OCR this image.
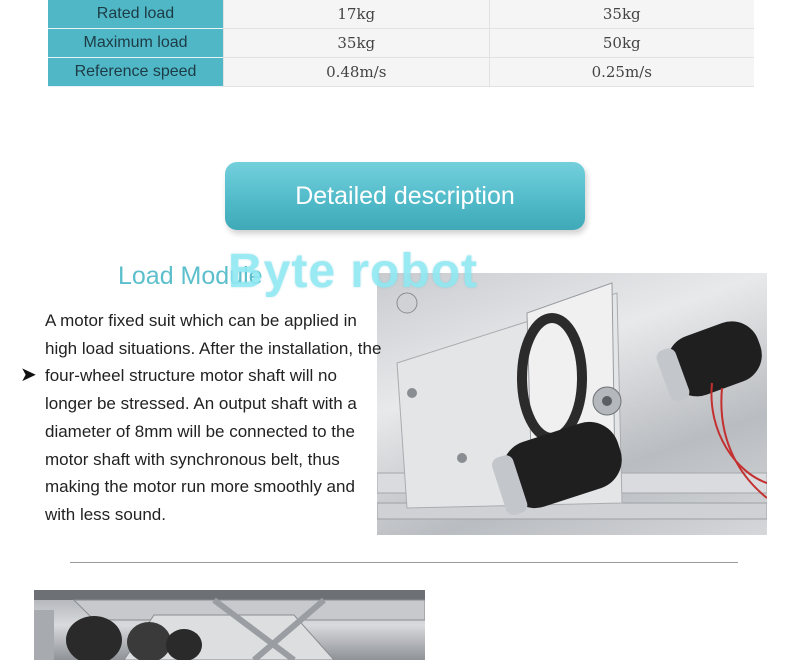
Rated load	17kg	35kg
Maximum load	35kg	50kg
Reference speed	0.48m/s	0.25m/s
Detailed description
Load Module
Byte robot
➤
A motor fixed suit which can be applied in high load situations. After the installation, the four-wheel structure motor shaft will no longer be stressed. An output shaft with a diameter of 8mm will be connected to the motor shaft with synchronous belt, thus making the motor run more smoothly and with less sound.
